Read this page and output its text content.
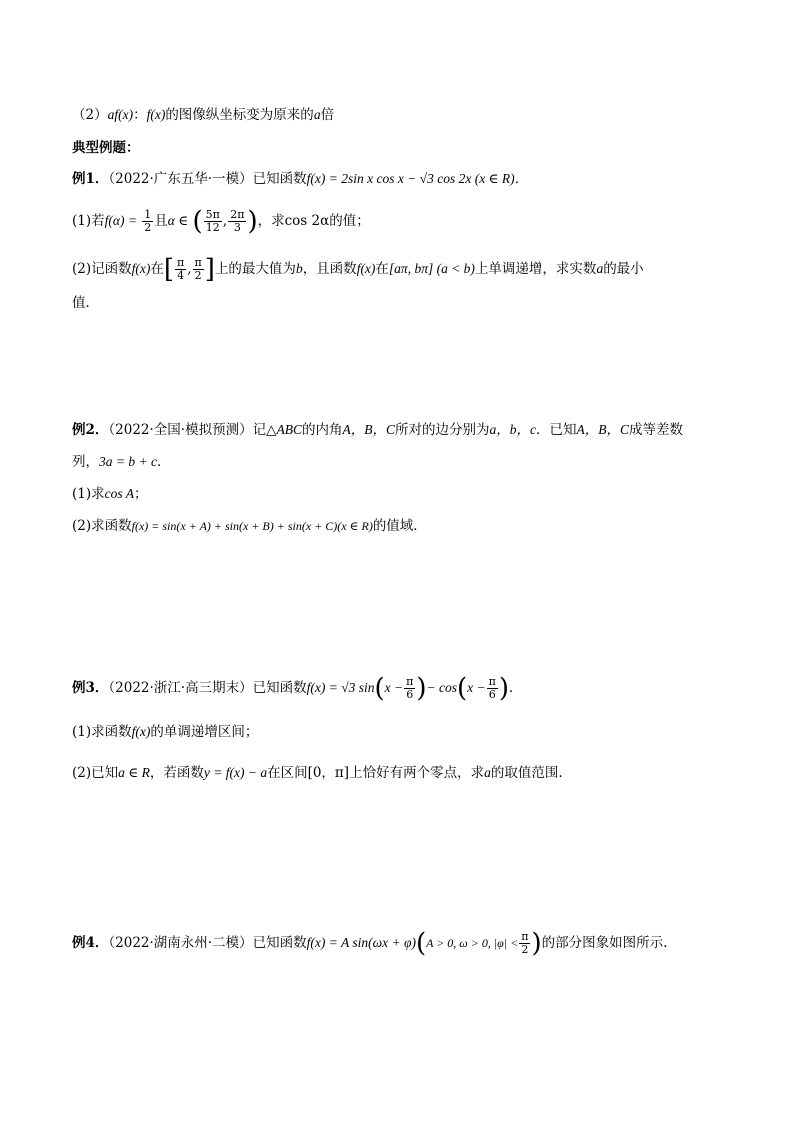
（2）af(x)：f(x)的图像纵坐标变为原来的a倍
典型例题：
例1．（2022·广东五华·一模）已知函数f(x) = 2sin x cos x − √3 cos 2x (x ∈ R)．
(1)若$f(\alpha) = \frac{1}{2}$ 且α ∈ ( $\frac{5\pi}{12}$ , $\frac{2\pi}{3}$ )，求cos 2α的值；
(2)记函数f(x)在[ $\frac{\pi}{4}$ , $\frac{\pi}{2}$ ]上的最大值为b，且函数f(x)在[aπ, bπ] (a < b)上单调递增，求实数a的最小
值．
例2．（2022·全国·模拟预测）记△ABC的内角A，B，C所对的边分别为a，b，c．已知A，B，C成等差数
列，3a = b + c．
(1)求cos A；
(2)求函数f(x) = sin(x + A) + sin(x + B) + sin(x + C)(x ∈ R)的值域．
例3．（2022·浙江·高三期末）已知函数f(x) = √3 $\sin(x - \frac{\pi}{6}$ )− $\cos(x - \frac{\pi}{6}$ )．
(1)求函数f(x)的单调递增区间；
(2)已知a ∈ R，若函数y = f(x) − a在区间[0，π]上恰好有两个零点，求a的取值范围.
例4．（2022·湖南永州·二模）已知函数f(x) = A sin(ωx + φ)(A > 0, ω > 0, $|\varphi| < \frac{\pi}{2}$ )的部分图象如图所示.
